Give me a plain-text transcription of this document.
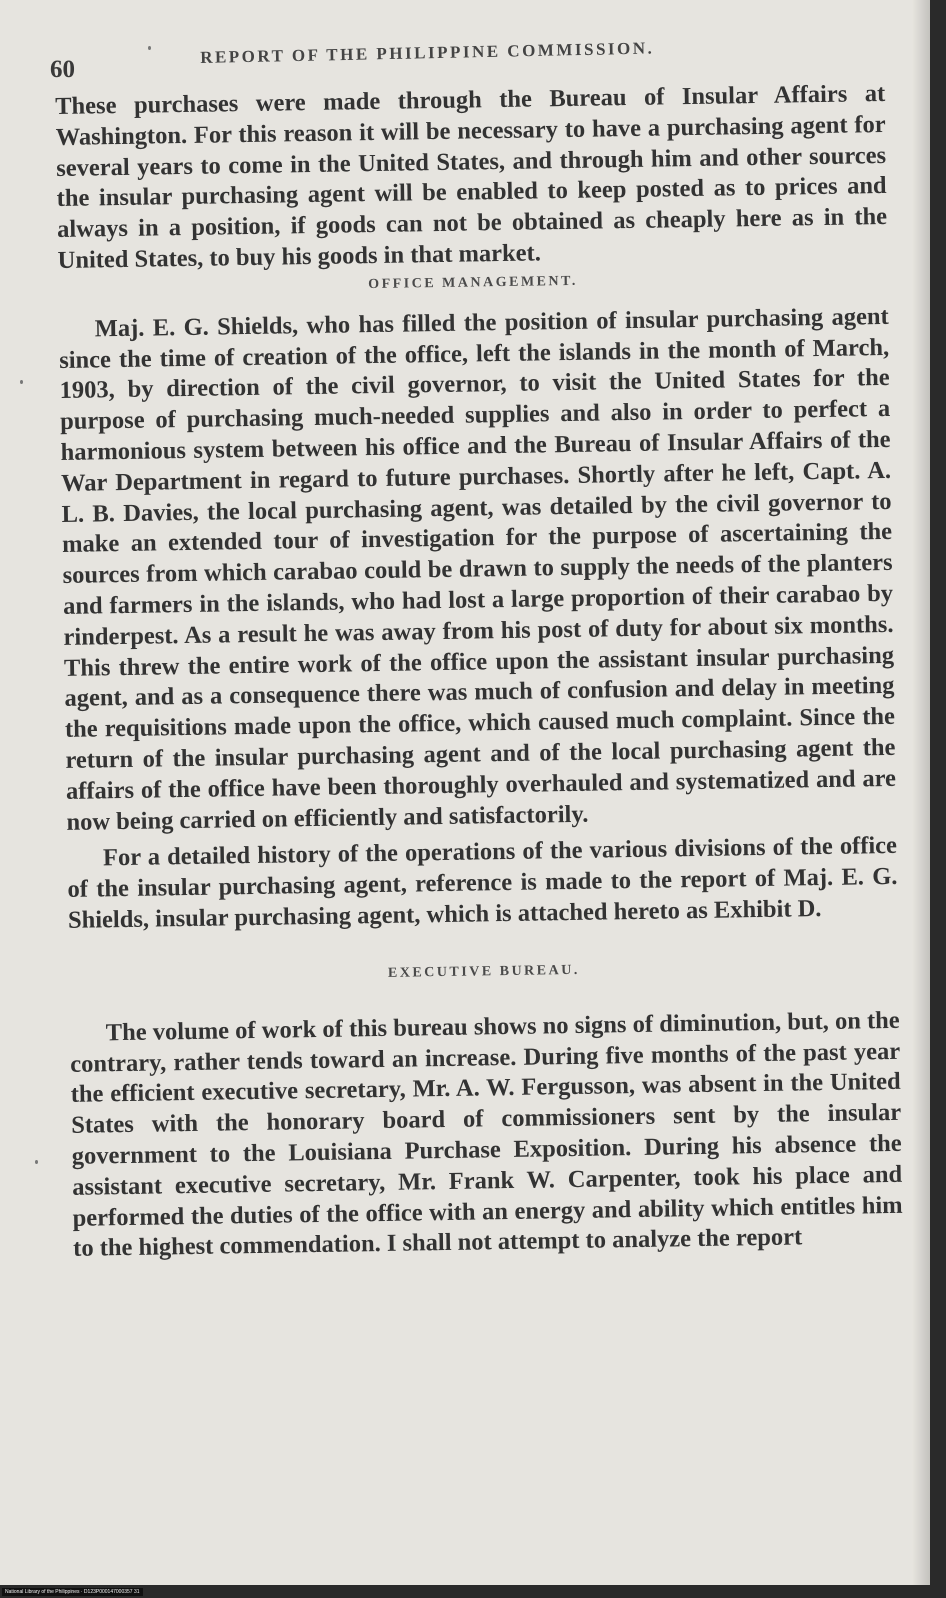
60
REPORT OF THE PHILIPPINE COMMISSION.

These purchases were made through the Bureau of Insular Affairs at Washington. For this reason it will be necessary to have a purchasing agent for several years to come in the United States, and through him and other sources the insular purchasing agent will be enabled to keep posted as to prices and always in a position, if goods can not be obtained as cheaply here as in the United States, to buy his goods in that market.

OFFICE MANAGEMENT.

Maj. E. G. Shields, who has filled the position of insular purchasing agent since the time of creation of the office, left the islands in the month of March, 1903, by direction of the civil governor, to visit the United States for the purpose of purchasing much-needed supplies and also in order to perfect a harmonious system between his office and the Bureau of Insular Affairs of the War Department in regard to future purchases. Shortly after he left, Capt. A. L. B. Davies, the local purchasing agent, was detailed by the civil governor to make an extended tour of investigation for the purpose of ascertaining the sources from which carabao could be drawn to supply the needs of the planters and farmers in the islands, who had lost a large proportion of their carabao by rinderpest. As a result he was away from his post of duty for about six months. This threw the entire work of the office upon the assistant insular purchasing agent, and as a consequence there was much of confusion and delay in meeting the requisitions made upon the office, which caused much complaint. Since the return of the insular purchasing agent and of the local purchasing agent the affairs of the office have been thoroughly overhauled and systematized and are now being carried on efficiently and satisfactorily.

For a detailed history of the operations of the various divisions of the office of the insular purchasing agent, reference is made to the report of Maj. E. G. Shields, insular purchasing agent, which is attached hereto as Exhibit D.

EXECUTIVE BUREAU.

The volume of work of this bureau shows no signs of diminution, but, on the contrary, rather tends toward an increase. During five months of the past year the efficient executive secretary, Mr. A. W. Fergusson, was absent in the United States with the honorary board of commissioners sent by the insular government to the Louisiana Purchase Exposition. During his absence the assistant executive secretary, Mr. Frank W. Carpenter, took his place and performed the duties of the office with an energy and ability which entitles him to the highest commendation. I shall not attempt to analyze the report

National Library of the Philippines · D123P000147000357 31
